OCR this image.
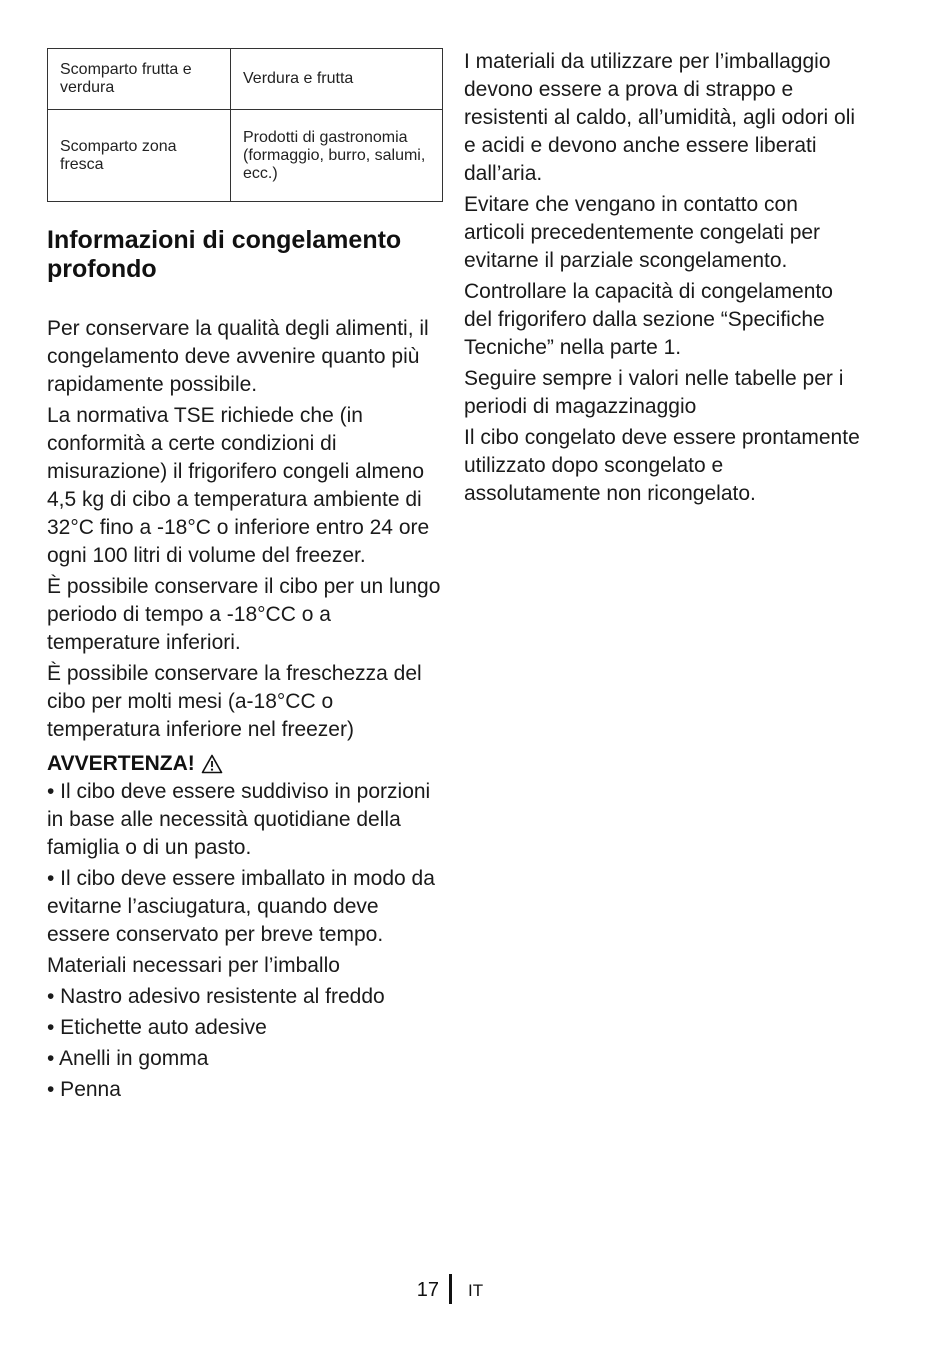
Scomparto frutta e verdura	Verdura e frutta
Scomparto zona fresca	Prodotti di gastronomia (formaggio, burro, salumi, ecc.)
Informazioni di congelamento profondo

Per conservare la qualità degli alimenti, il congelamento deve avvenire quanto più rapidamente possibile.

La normativa TSE richiede che (in conformità a certe condizioni di misurazione) il frigorifero congeli almeno 4,5 kg di cibo a temperatura ambiente di 32°C fino a -18°C o inferiore entro 24 ore ogni 100 litri di volume del freezer.

È possibile conservare il cibo per un lungo periodo di tempo a -18°CC o a temperature inferiori.

È possibile conservare la freschezza del cibo per molti mesi (a-18°CC o temperatura inferiore nel freezer)

AVVERTENZA!

• Il cibo deve essere suddiviso in porzioni in base alle necessità quotidiane della famiglia o di un pasto.

• Il cibo deve essere imballato in modo da evitarne l’asciugatura, quando deve essere conservato per breve tempo.

Materiali necessari per l’imballo

• Nastro adesivo resistente al freddo

• Etichette auto adesive

• Anelli in gomma

• Penna

I materiali da utilizzare per l’imballaggio devono essere a prova di strappo e resistenti al caldo, all’umidità, agli odori oli e acidi e devono anche essere liberati dall’aria.

Evitare che vengano in contatto con articoli precedentemente congelati per evitarne il parziale scongelamento.

Controllare la capacità di congelamento del frigorifero dalla sezione “Specifiche Tecniche” nella parte 1.

Seguire sempre i valori nelle tabelle per i periodi di magazzinaggio

Il cibo congelato deve essere prontamente utilizzato dopo scongelato e assolutamente non ricongelato.

17 IT
